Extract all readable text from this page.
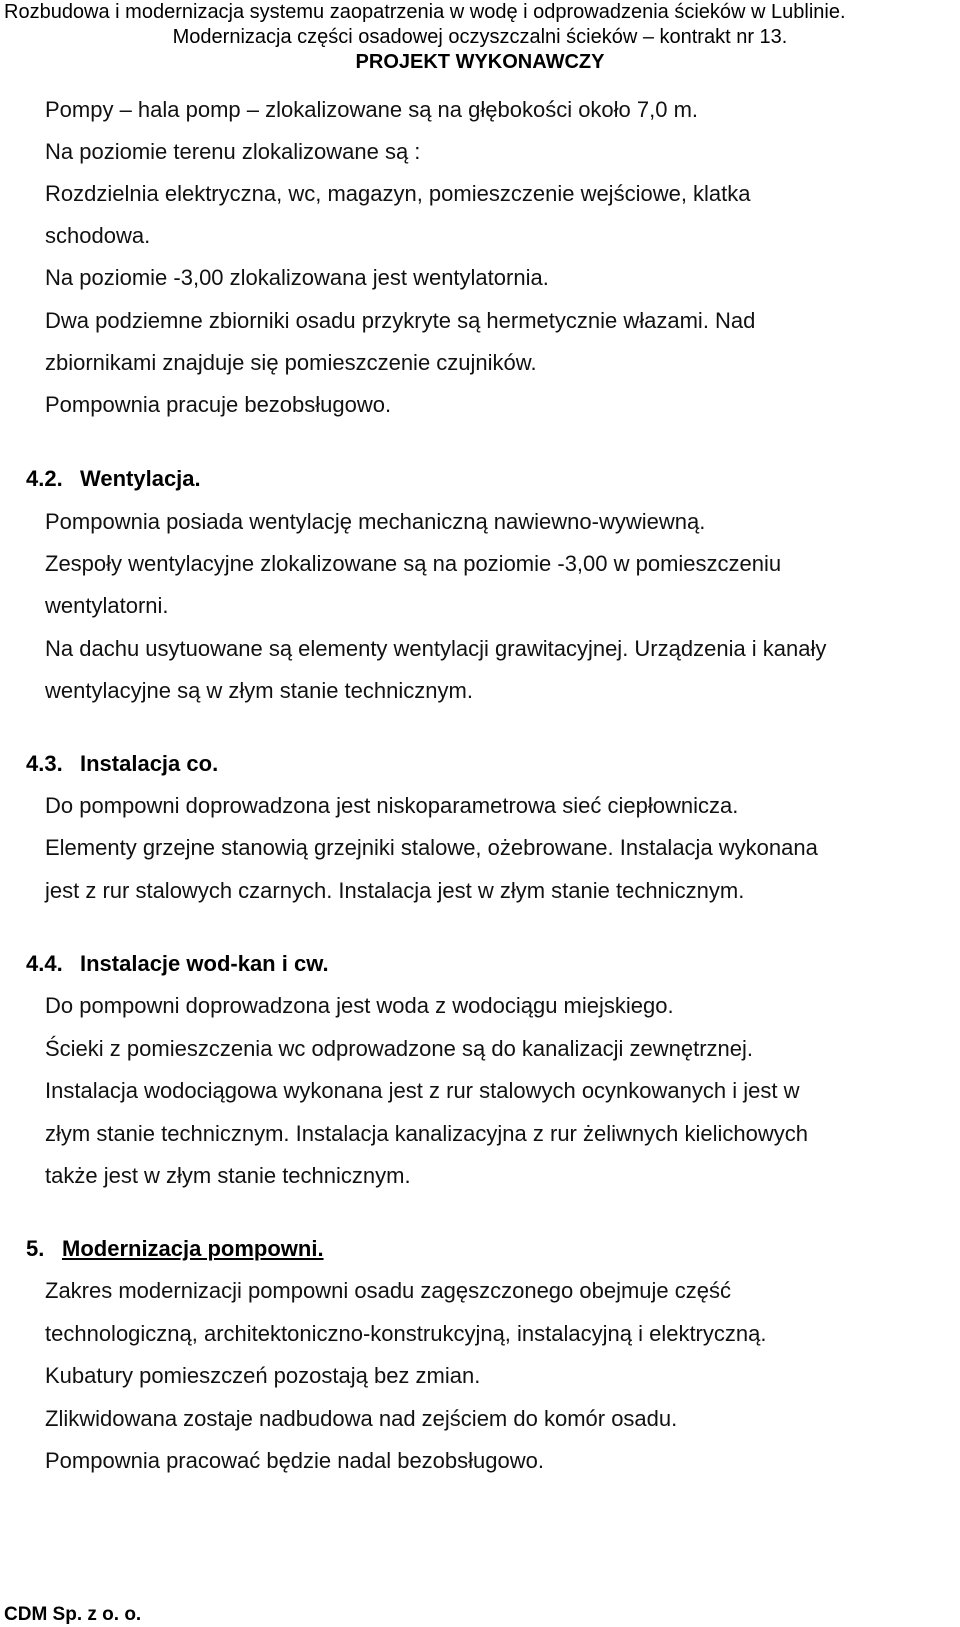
Rozbudowa i modernizacja systemu zaopatrzenia w wodę i odprowadzenia ścieków w Lublinie.
Modernizacja części osadowej oczyszczalni ścieków – kontrakt nr 13.
PROJEKT WYKONAWCZY
Pompy – hala pomp – zlokalizowane są na głębokości około 7,0 m.
Na poziomie terenu zlokalizowane są :
Rozdzielnia elektryczna, wc, magazyn, pomieszczenie wejściowe, klatka
schodowa.
Na poziomie -3,00 zlokalizowana jest wentylatornia.
Dwa podziemne zbiorniki osadu przykryte są hermetycznie włazami. Nad
zbiornikami znajduje się pomieszczenie czujników.
Pompownia pracuje bezobsługowo.
4.2. Wentylacja.
Pompownia posiada wentylację mechaniczną nawiewno-wywiewną.
Zespoły wentylacyjne zlokalizowane są na poziomie -3,00 w pomieszczeniu
wentylatorni.
Na dachu usytuowane są elementy wentylacji grawitacyjnej. Urządzenia i kanały
wentylacyjne są w złym stanie technicznym.
4.3. Instalacja co.
Do pompowni doprowadzona jest niskoparametrowa sieć ciepłownicza.
Elementy grzejne stanowią grzejniki stalowe, ożebrowane. Instalacja wykonana
jest z rur stalowych czarnych. Instalacja jest w złym stanie technicznym.
4.4. Instalacje wod-kan i cw.
Do pompowni doprowadzona jest woda z wodociągu miejskiego.
Ścieki z pomieszczenia wc odprowadzone są do kanalizacji zewnętrznej.
Instalacja wodociągowa wykonana jest z rur stalowych ocynkowanych i jest w
złym stanie technicznym. Instalacja kanalizacyjna z rur żeliwnych kielichowych
także jest w złym stanie technicznym.
5. Modernizacja pompowni.
Zakres modernizacji pompowni osadu zagęszczonego obejmuje część
technologiczną, architektoniczno-konstrukcyjną, instalacyjną i elektryczną.
Kubatury pomieszczeń pozostają bez zmian.
Zlikwidowana zostaje nadbudowa nad zejściem do komór osadu.
Pompownia pracować będzie nadal bezobsługowo.
CDM Sp. z o. o.
